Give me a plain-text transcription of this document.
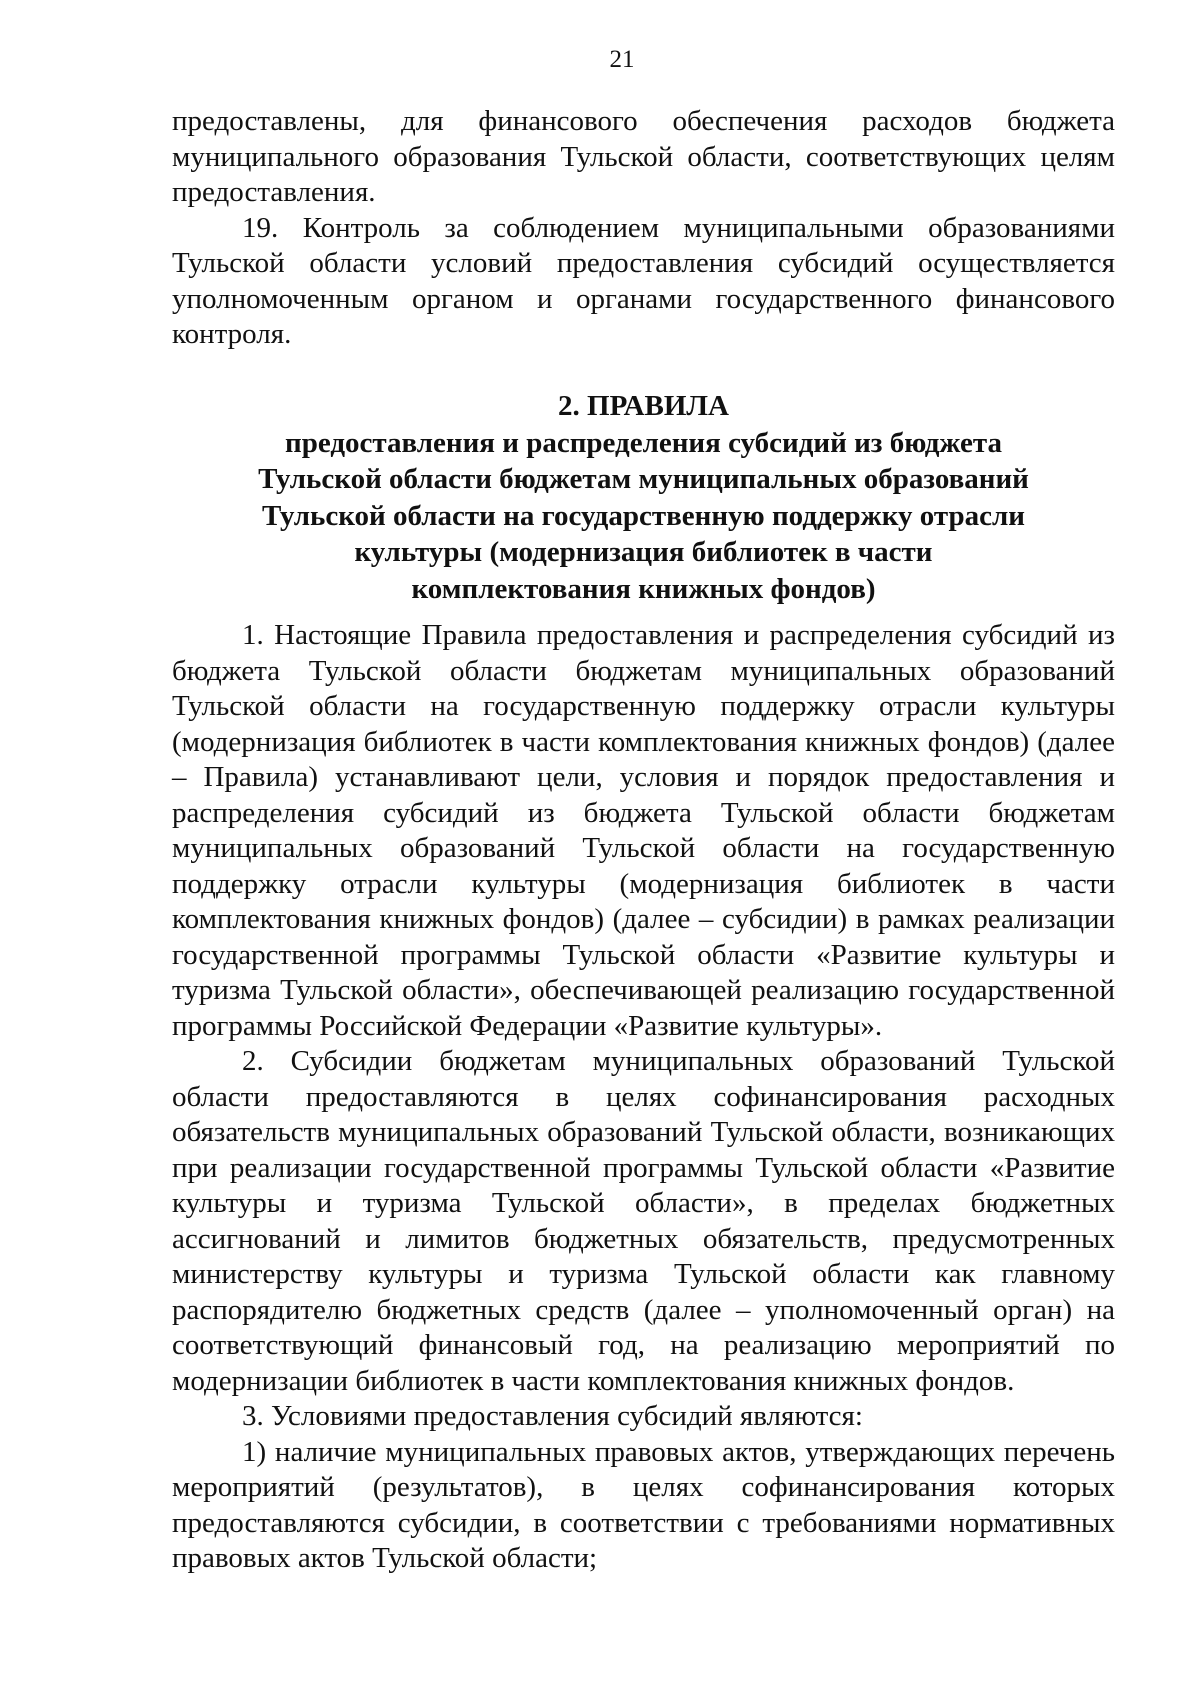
21

предоставлены, для финансового обеспечения расходов бюджета муниципального образования Тульской области, соответствующих целям предоставления.

19. Контроль за соблюдением муниципальными образованиями Тульской области условий предоставления субсидий осуществляется уполномоченным органом и органами государственного финансового контроля.

2. ПРАВИЛА
предоставления и распределения субсидий из бюджета
Тульской области бюджетам муниципальных образований
Тульской области на государственную поддержку отрасли
культуры (модернизация библиотек в части
комплектования книжных фондов)

1. Настоящие Правила предоставления и распределения субсидий из бюджета Тульской области бюджетам муниципальных образований Тульской области на государственную поддержку отрасли культуры (модернизация библиотек в части комплектования книжных фондов) (далее – Правила) устанавливают цели, условия и порядок предоставления и распределения субсидий из бюджета Тульской области бюджетам муниципальных образований Тульской области на государственную поддержку отрасли культуры (модернизация библиотек в части комплектования книжных фондов) (далее – субсидии) в рамках реализации государственной программы Тульской области «Развитие культуры и туризма Тульской области», обеспечивающей реализацию государственной программы Российской Федерации «Развитие культуры».

2. Субсидии бюджетам муниципальных образований Тульской области предоставляются в целях софинансирования расходных обязательств муниципальных образований Тульской области, возникающих при реализации государственной программы Тульской области «Развитие культуры и туризма Тульской области», в пределах бюджетных ассигнований и лимитов бюджетных обязательств, предусмотренных министерству культуры и туризма Тульской области как главному распорядителю бюджетных средств (далее – уполномоченный орган) на соответствующий финансовый год, на реализацию мероприятий по модернизации библиотек в части комплектования книжных фондов.

3. Условиями предоставления субсидий являются:

1) наличие муниципальных правовых актов, утверждающих перечень мероприятий (результатов), в целях софинансирования которых предоставляются субсидии, в соответствии с требованиями нормативных правовых актов Тульской области;
